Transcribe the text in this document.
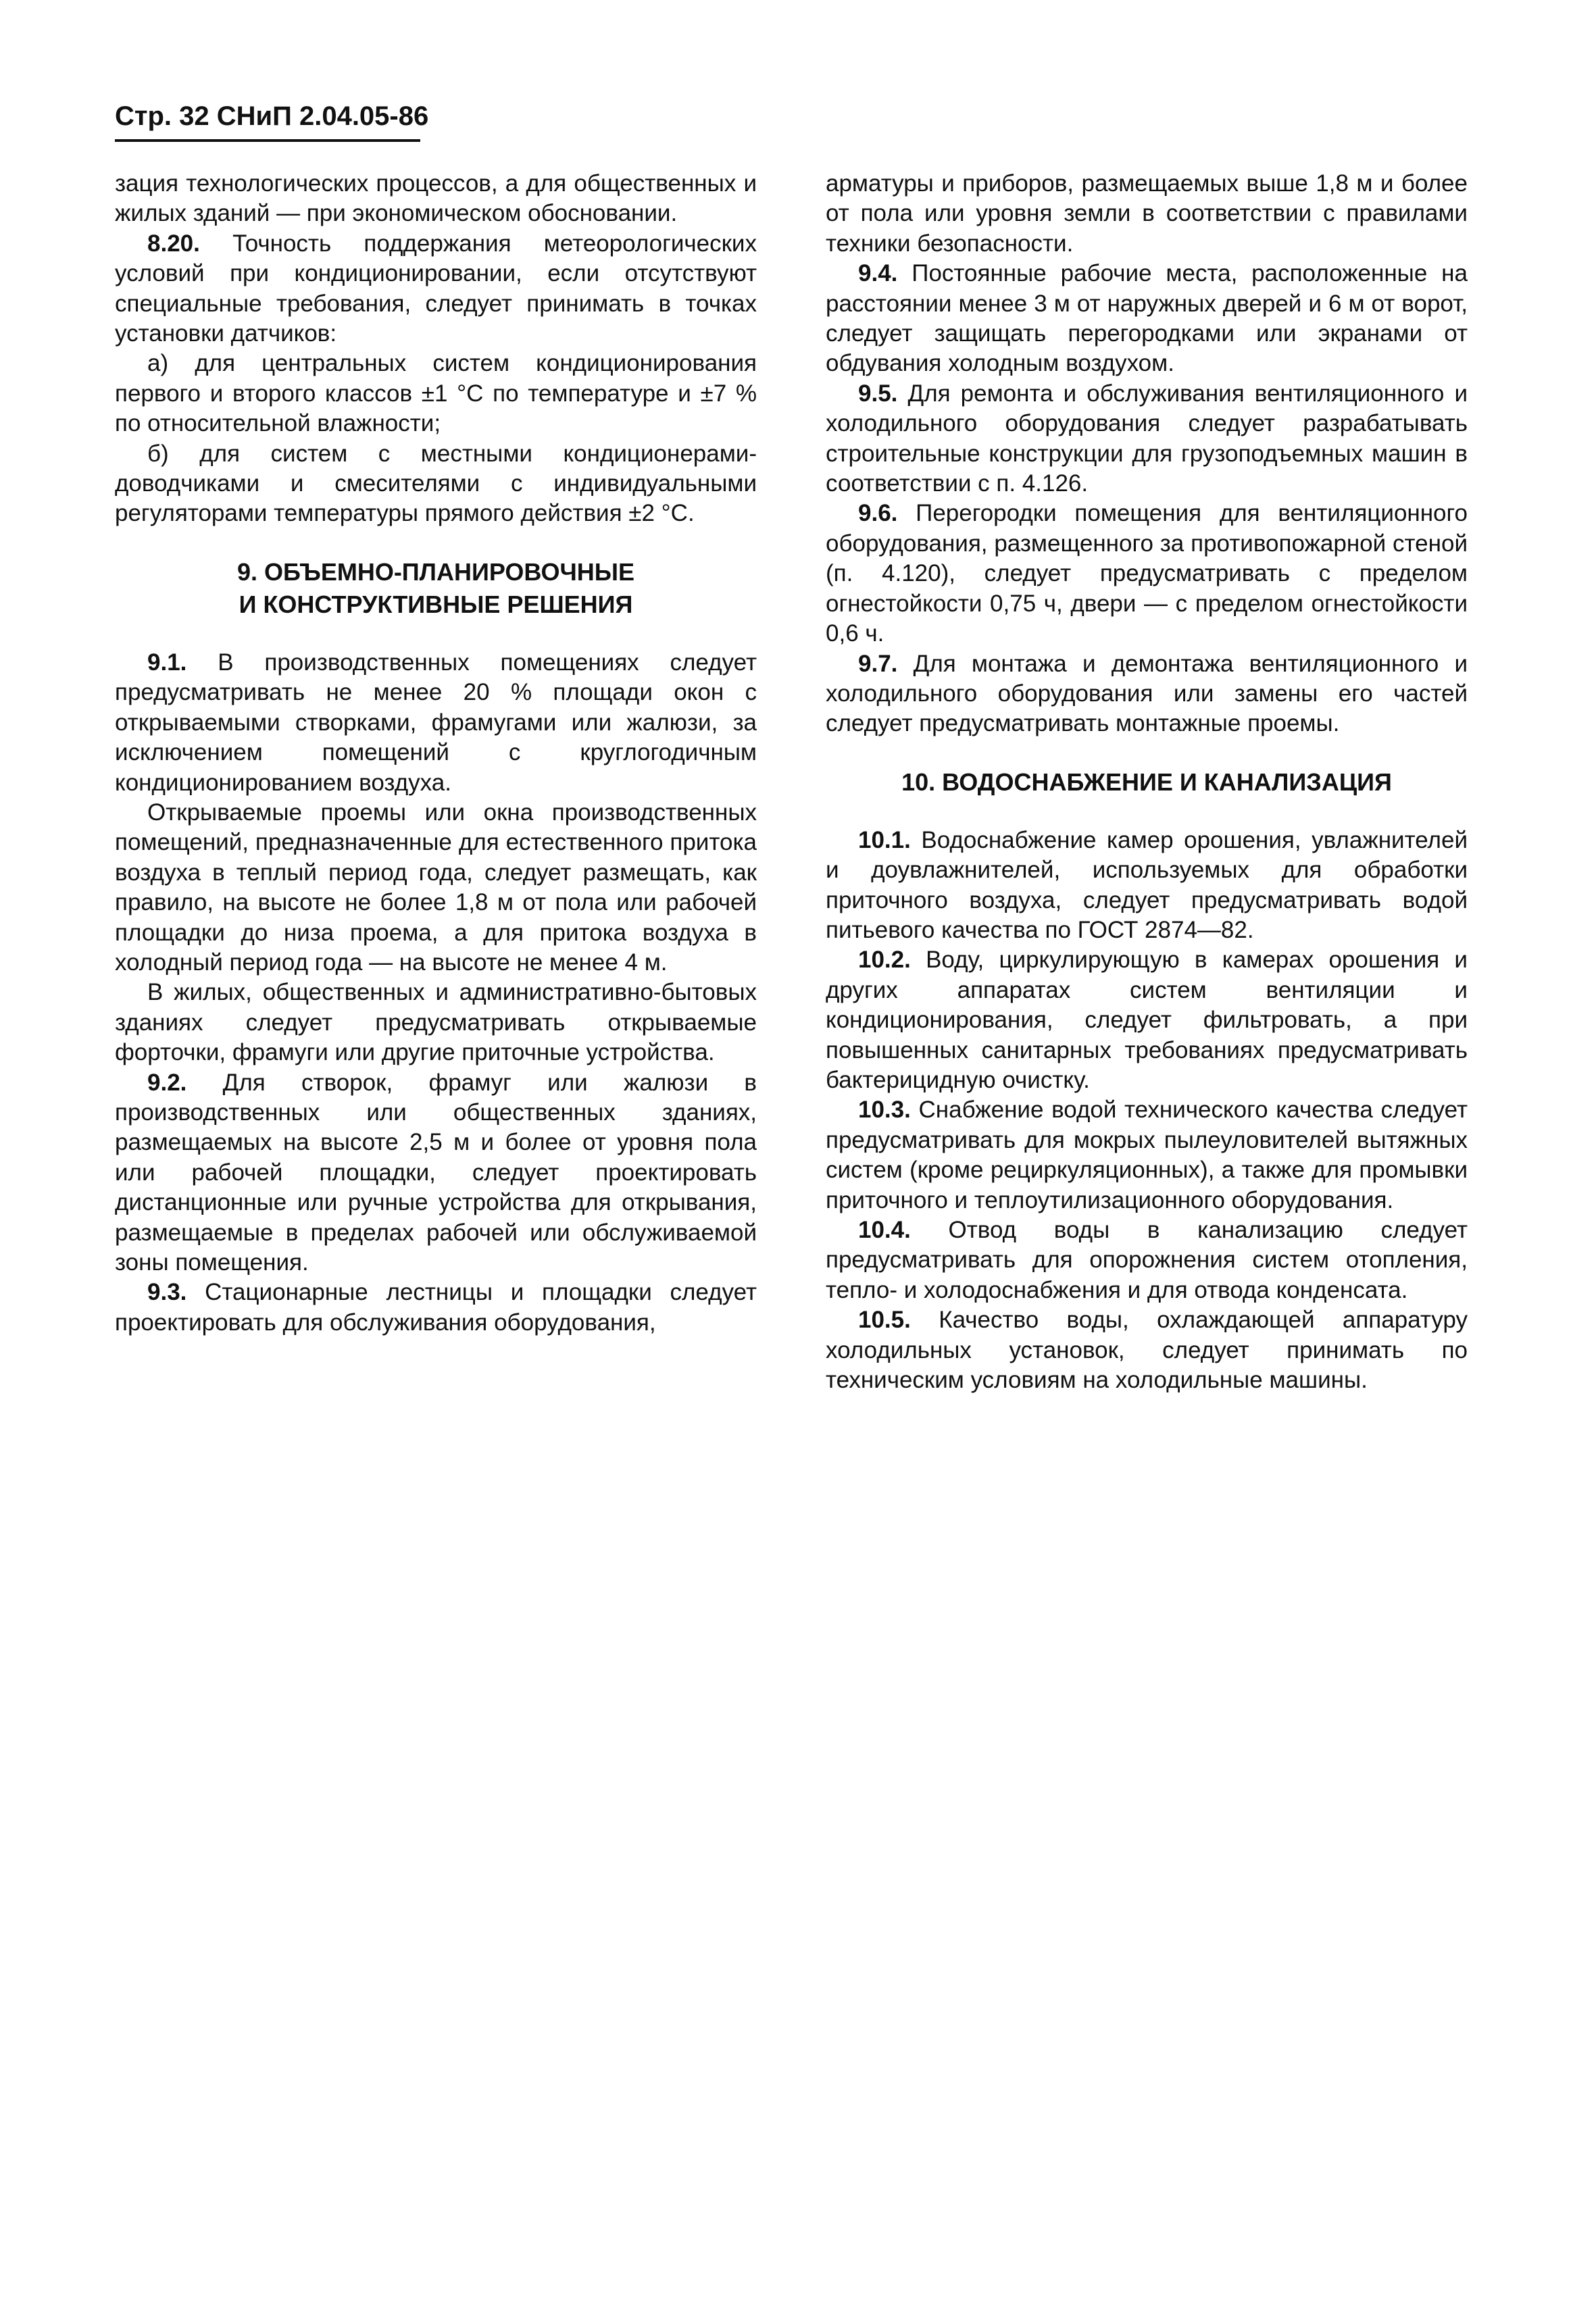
Стр. 32 СНиП 2.04.05-86

зация технологических процессов, а для общественных и жилых зданий — при экономическом обосновании.

8.20. Точность поддержания метеорологических условий при кондиционировании, если отсутствуют специальные требования, следует принимать в точках установки датчиков:

а) для центральных систем кондиционирования первого и второго классов ±1 °С по температуре и ±7 % по относительной влажности;

б) для систем с местными кондиционерами-доводчиками и смесителями с индивидуальными регуляторами температуры прямого действия ±2 °С.

9. ОБЪЕМНО-ПЛАНИРОВОЧНЫЕ

И КОНСТРУКТИВНЫЕ РЕШЕНИЯ

9.1. В производственных помещениях следует предусматривать не менее 20 % площади окон с открываемыми створками, фрамугами или жалюзи, за исключением помещений с круглогодичным кондиционированием воздуха.

Открываемые проемы или окна производственных помещений, предназначенные для естественного притока воздуха в теплый период года, следует размещать, как правило, на высоте не более 1,8 м от пола или рабочей площадки до низа проема, а для притока воздуха в холодный период года — на высоте не менее 4 м.

В жилых, общественных и административно-бытовых зданиях следует предусматривать открываемые форточки, фрамуги или другие приточные устройства.

9.2. Для створок, фрамуг или жалюзи в производственных или общественных зданиях, размещаемых на высоте 2,5 м и более от уровня пола или рабочей площадки, следует проектировать дистанционные или ручные устройства для открывания, размещаемые в пределах рабочей или обслуживаемой зоны помещения.

9.3. Стационарные лестницы и площадки следует проектировать для обслуживания оборудования,

арматуры и приборов, размещаемых выше 1,8 м и более от пола или уровня земли в соответствии с правилами техники безопасности.

9.4. Постоянные рабочие места, расположенные на расстоянии менее 3 м от наружных дверей и 6 м от ворот, следует защищать перегородками или экранами от обдувания холодным воздухом.

9.5. Для ремонта и обслуживания вентиляционного и холодильного оборудования следует разрабатывать строительные конструкции для грузоподъемных машин в соответствии с п. 4.126.

9.6. Перегородки помещения для вентиляционного оборудования, размещенного за противопожарной стеной (п. 4.120), следует предусматривать с пределом огнестойкости 0,75 ч, двери — с пределом огнестойкости 0,6 ч.

9.7. Для монтажа и демонтажа вентиляционного и холодильного оборудования или замены его частей следует предусматривать монтажные проемы.

10. ВОДОСНАБЖЕНИЕ И КАНАЛИЗАЦИЯ

10.1. Водоснабжение камер орошения, увлажнителей и доувлажнителей, используемых для обработки приточного воздуха, следует предусматривать водой питьевого качества по ГОСТ 2874—82.

10.2. Воду, циркулирующую в камерах орошения и других аппаратах систем вентиляции и кондиционирования, следует фильтровать, а при повышенных санитарных требованиях предусматривать бактерицидную очистку.

10.3. Снабжение водой технического качества следует предусматривать для мокрых пылеуловителей вытяжных систем (кроме рециркуляционных), а также для промывки приточного и теплоутилизационного оборудования.

10.4. Отвод воды в канализацию следует предусматривать для опорожнения систем отопления, тепло- и холодоснабжения и для отвода конденсата.

10.5. Качество воды, охлаждающей аппаратуру холодильных установок, следует принимать по техническим условиям на холодильные машины.
